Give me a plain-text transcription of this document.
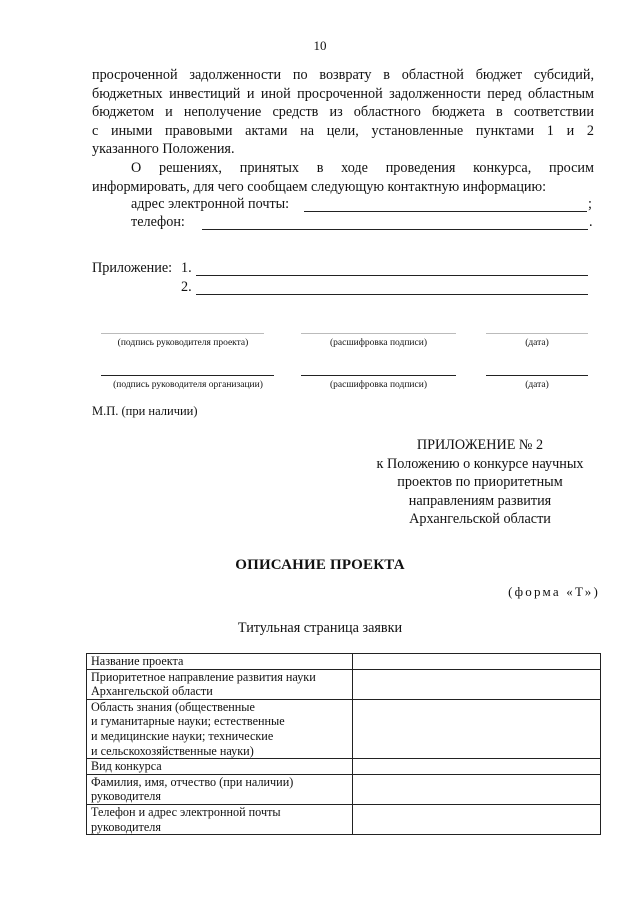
10
просроченной задолженности по возврату в областной бюджет субсидий,
бюджетных инвестиций и иной просроченной задолженности перед областным
бюджетом и неполучение средств из областного бюджета в соответствии
с иными правовыми актами на цели, установленные пунктами 1 и 2
указанного Положения.
О решениях, принятых в ходе проведения конкурса, просим
информировать, для чего сообщаем следующую контактную информацию:
адрес электронной почты:	;
телефон:	.
Приложение: 1.
2.
(подпись руководителя проекта)	(расшифровка подписи)	(дата)
(подпись руководителя организации)	(расшифровка подписи)	(дата)
М.П. (при наличии)
ПРИЛОЖЕНИЕ № 2
к Положению о конкурсе научных
проектов по приоритетным
направлениям развития
Архангельской области
ОПИСАНИЕ ПРОЕКТА
(форма «Т»)
Титульная страница заявки
Название проекта	

Приоритетное направление развития науки
Архангельской области	

Область знания (общественные
и гуманитарные науки; естественные
и медицинские науки; технические
и сельскохозяйственные науки)	

Вид конкурса	

Фамилия, имя, отчество (при наличии)
руководителя	

Телефон и адрес электронной почты
руководителя	
